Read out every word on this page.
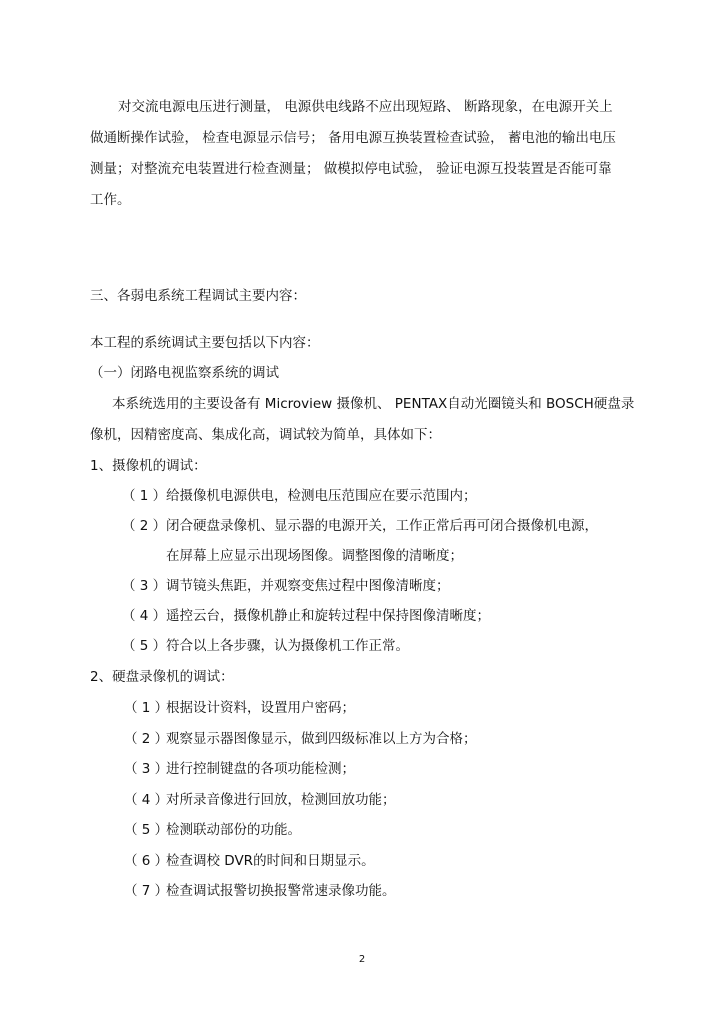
对交流电源电压进行测量， 电源供电线路不应出现短路、 断路现象，在电源开关上
做通断操作试验， 检查电源显示信号； 备用电源互换装置检查试验， 蓄电池的输出电压
测量；对整流充电装置进行检查测量； 做模拟停电试验， 验证电源互投装置是否能可靠
工作。
三、各弱电系统工程调试主要内容：
本工程的系统调试主要包括以下内容：
（一）闭路电视监察系统的调试
本系统选用的主要设备有 Microview 摄像机、 PENTAX自动光圈镜头和 BOSCH硬盘录
像机，因精密度高、集成化高，调试较为简单，具体如下：
1、摄像机的调试：
（ 1 ） 给摄像机电源供电，检测电压范围应在要示范围内；
（ 2 ） 闭合硬盘录像机、显示器的电源开关，工作正常后再可闭合摄像机电源，
在屏幕上应显示出现场图像。调整图像的清晰度；
（ 3 ） 调节镜头焦距，并观察变焦过程中图像清晰度；
（ 4 ） 遥控云台，摄像机静止和旋转过程中保持图像清晰度；
（ 5 ） 符合以上各步骤，认为摄像机工作正常。
2、硬盘录像机的调试：
（ 1 ）
根据设计资料，设置用户密码；
（ 2 ）
观察显示器图像显示，做到四级标准以上方为合格；
（ 3 ）
进行控制键盘的各项功能检测；
（ 4 ）
对所录音像进行回放，检测回放功能；
（ 5 ）
检测联动部份的功能。
（ 6 ）
检查调校 DVR的时间和日期显示。
（ 7 ）
检查调试报警切换报警常速录像功能。
2
